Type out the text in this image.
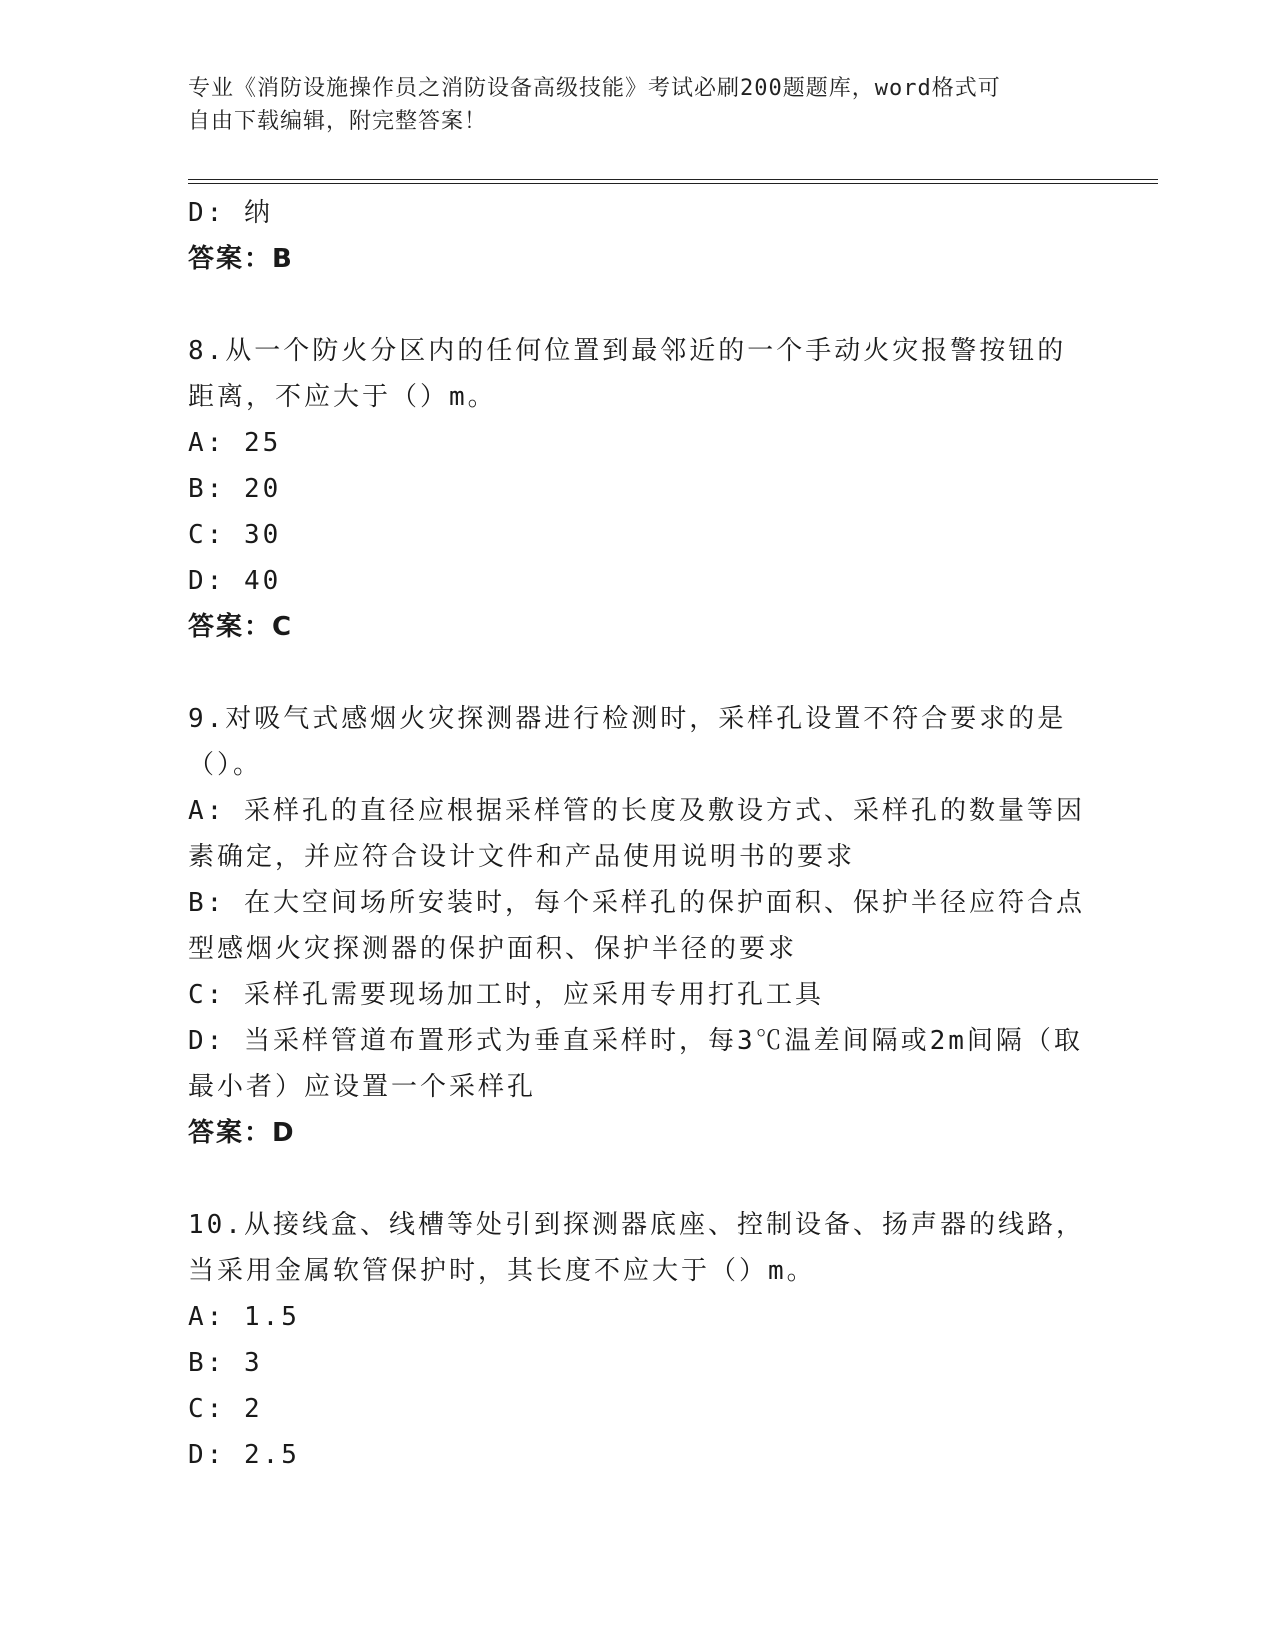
专业《消防设施操作员之消防设备高级技能》考试必刷200题题库，word格式可
自由下载编辑，附完整答案！
D: 纳
答案：B
8.从一个防火分区内的任何位置到最邻近的一个手动火灾报警按钮的
距离，不应大于（）m。
A: 25
B: 20
C: 30
D: 40
答案：C
9.对吸气式感烟火灾探测器进行检测时，采样孔设置不符合要求的是
（）。
A: 采样孔的直径应根据采样管的长度及敷设方式、采样孔的数量等因
素确定，并应符合设计文件和产品使用说明书的要求
B: 在大空间场所安装时，每个采样孔的保护面积、保护半径应符合点
型感烟火灾探测器的保护面积、保护半径的要求
C: 采样孔需要现场加工时，应采用专用打孔工具
D: 当采样管道布置形式为垂直采样时，每3℃温差间隔或2m间隔（取
最小者）应设置一个采样孔
答案：D
10.从接线盒、线槽等处引到探测器底座、控制设备、扬声器的线路，
当采用金属软管保护时，其长度不应大于（）m。
A: 1.5
B: 3
C: 2
D: 2.5
